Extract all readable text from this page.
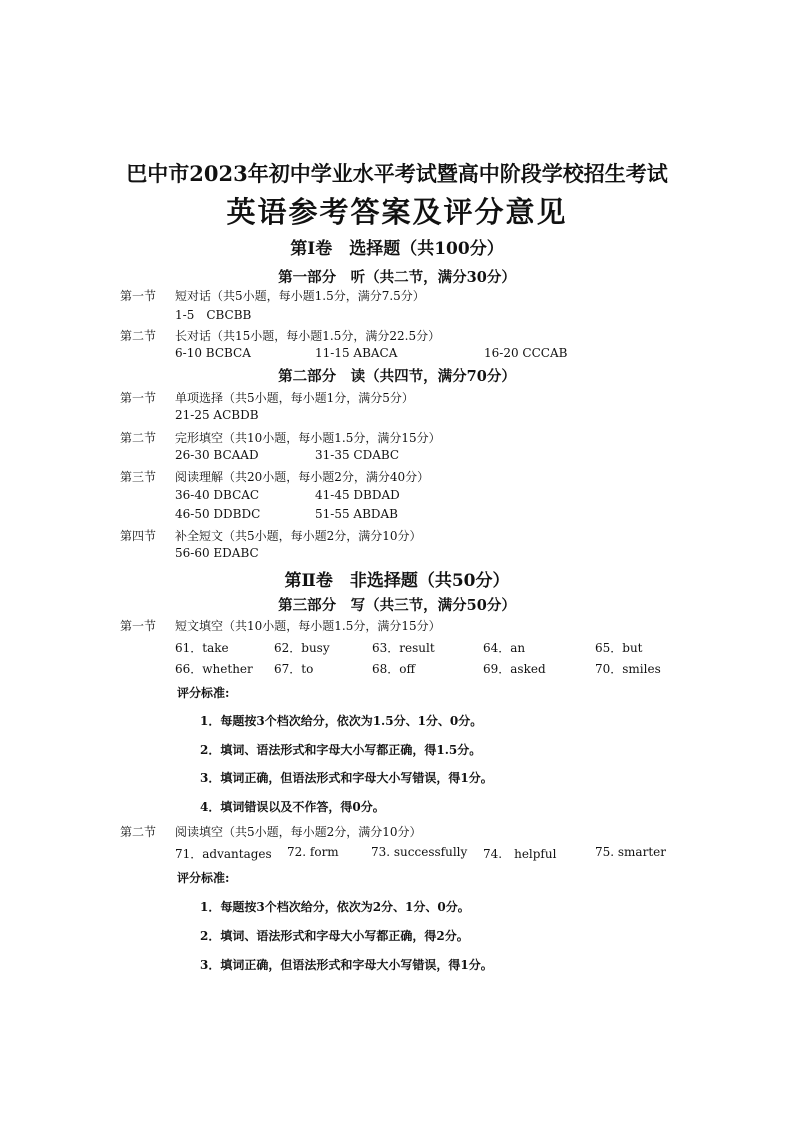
巴中市2023年初中学业水平考试暨高中阶段学校招生考试
英语参考答案及评分意见
第Ⅰ卷　选择题（共100分）
第一部分　听（共二节，满分30分）
第一节 短对话（共5小题，每小题1.5分，满分7.5分）
1-5　CBCBB
第二节 长对话（共15小题，每小题1.5分，满分22.5分）
6-10 BCBCA	11-15 ABACA	16-20 CCCAB
第二部分　读（共四节，满分70分）
第一节 单项选择（共5小题，每小题1分，满分5分）
21-25 ACBDB
第二节 完形填空（共10小题，每小题1.5分，满分15分）
26-30 BCAAD	31-35 CDABC
第三节 阅读理解（共20小题，每小题2分，满分40分）
36-40 DBCAC	41-45 DBDAD
46-50 DDBDC	51-55 ABDAB
第四节 补全短文（共5小题，每小题2分，满分10分）
56-60 EDABC
第Ⅱ卷　非选择题（共50分）
第三部分　写（共三节，满分50分）
第一节 短文填空（共10小题，每小题1.5分，满分15分）
61．take	62．busy	63．result	64．an	65．but
66．whether 67．to	68．off	69．asked	70．smiles
评分标准:
1．每题按3个档次给分，依次为1.5分、1分、0分。
2．填词、语法形式和字母大小写都正确，得1.5分。
3．填词正确，但语法形式和字母大小写错误，得1分。
4．填词错误以及不作答，得0分。
第二节 阅读填空（共5小题，每小题2分，满分10分）
71．advantages 72. form	73. successfully 74.　helpful	75. smarter
评分标准:
1．每题按3个档次给分，依次为2分、1分、0分。
2．填词、语法形式和字母大小写都正确，得2分。
3．填词正确，但语法形式和字母大小写错误，得1分。
